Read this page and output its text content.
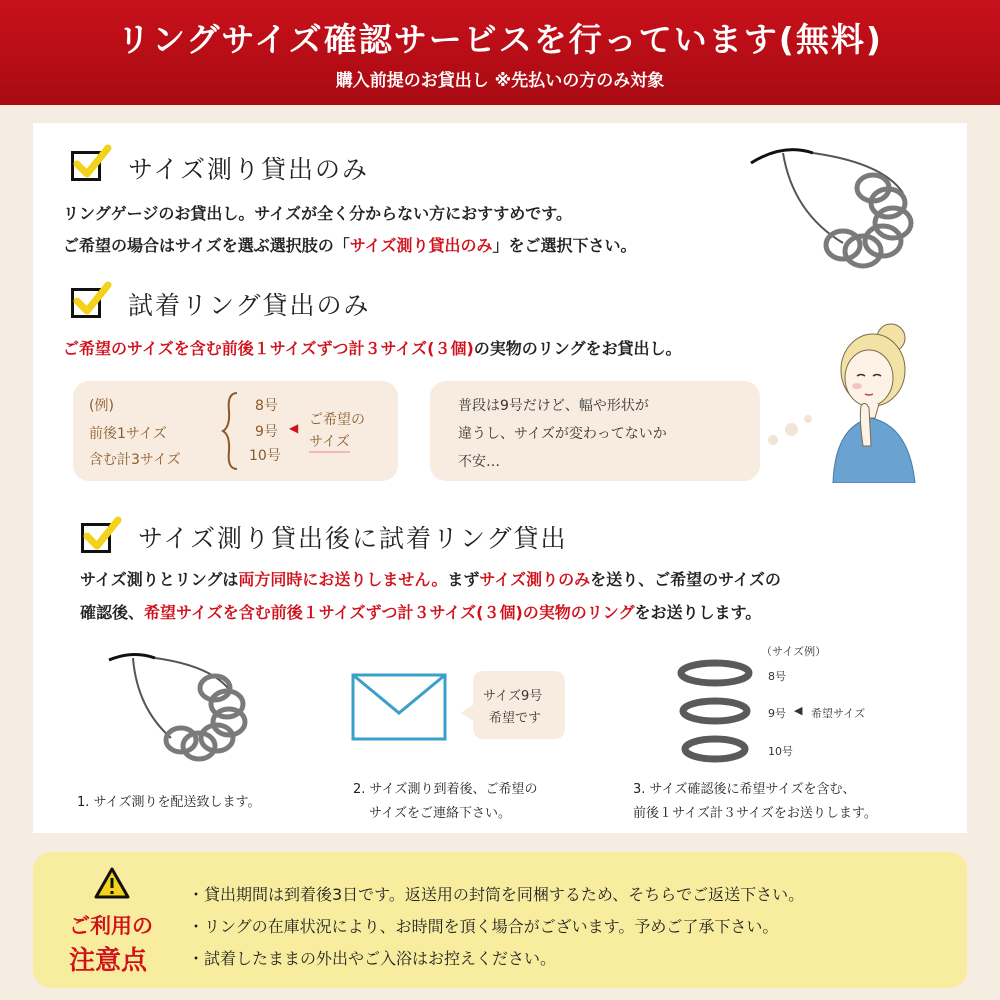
リングサイズ確認サービスを行っています(無料)
購入前提のお貸出し ※先払いの方のみ対象
サイズ測り貸出のみ
リングゲージのお貸出し。サイズが全く分からない方におすすめです。
ご希望の場合はサイズを選ぶ選択肢の「サイズ測り貸出のみ」をご選択下さい。
試着リング貸出のみ
ご希望のサイズを含む前後１サイズずつ計３サイズ(３個)の実物のリングをお貸出し。
(例)
前後1サイズ
含む計3サイズ
8号
9号
10号
◀ ご希望の
サイズ
普段は9号だけど、幅や形状が
違うし、サイズが変わってないか
不安…
サイズ測り貸出後に試着リング貸出
サイズ測りとリングは両方同時にお送りしません。まずサイズ測りのみを送り、ご希望のサイズの
確認後、希望サイズを含む前後１サイズずつ計３サイズ(３個)の実物のリングをお送りします。
1. サイズ測りを配送致します。
サイズ9号
希望です
2. サイズ測り到着後、ご希望の
サイズをご連絡下さい。
（サイズ例）
8号
9号 ◀ 希望サイズ
10号
3. サイズ確認後に希望サイズを含む、
前後１サイズ計３サイズをお送りします。
ご利用の
注意点
・貸出期間は到着後3日です。返送用の封筒を同梱するため、そちらでご返送下さい。
・リングの在庫状況により、お時間を頂く場合がございます。予めご了承下さい。
・試着したままの外出やご入浴はお控えください。
